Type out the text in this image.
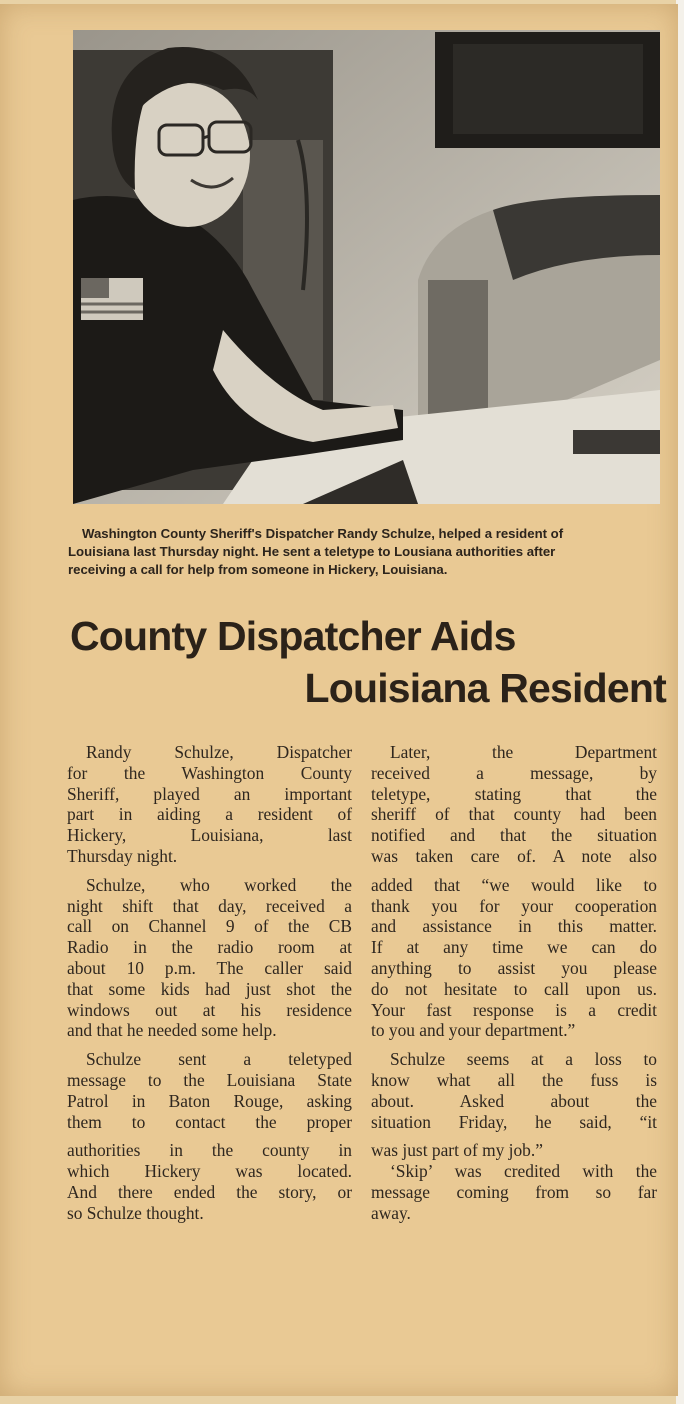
Washington County Sheriff's Dispatcher Randy Schulze, helped a resident of
Louisiana last Thursday night. He sent a teletype to Lousiana authorities after
receiving a call for help from someone in Hickery, Louisiana.
County Dispatcher Aids
Louisiana Resident
Randy Schulze, Dispatcher
for the Washington County
Sheriff, played an important
part in aiding a resident of
Hickery, Louisiana, last
Thursday night.
Schulze, who worked the
night shift that day, received a
call on Channel 9 of the CB
Radio in the radio room at
about 10 p.m. The caller said
that some kids had just shot the
windows out at his residence
and that he needed some help.
Schulze sent a teletyped
message to the Louisiana State
Patrol in Baton Rouge, asking
them to contact the proper
authorities in the county in
which Hickery was located.
And there ended the story, or
so Schulze thought.
Later, the Department
received a message, by
teletype, stating that the
sheriff of that county had been
notified and that the situation
was taken care of. A note also
added that “we would like to
thank you for your cooperation
and assistance in this matter.
If at any time we can do
anything to assist you please
do not hesitate to call upon us.
Your fast response is a credit
to you and your department.”
Schulze seems at a loss to
know what all the fuss is
about. Asked about the
situation Friday, he said, “it
was just part of my job.”
‘Skip’ was credited with the
message coming from so far
away.
